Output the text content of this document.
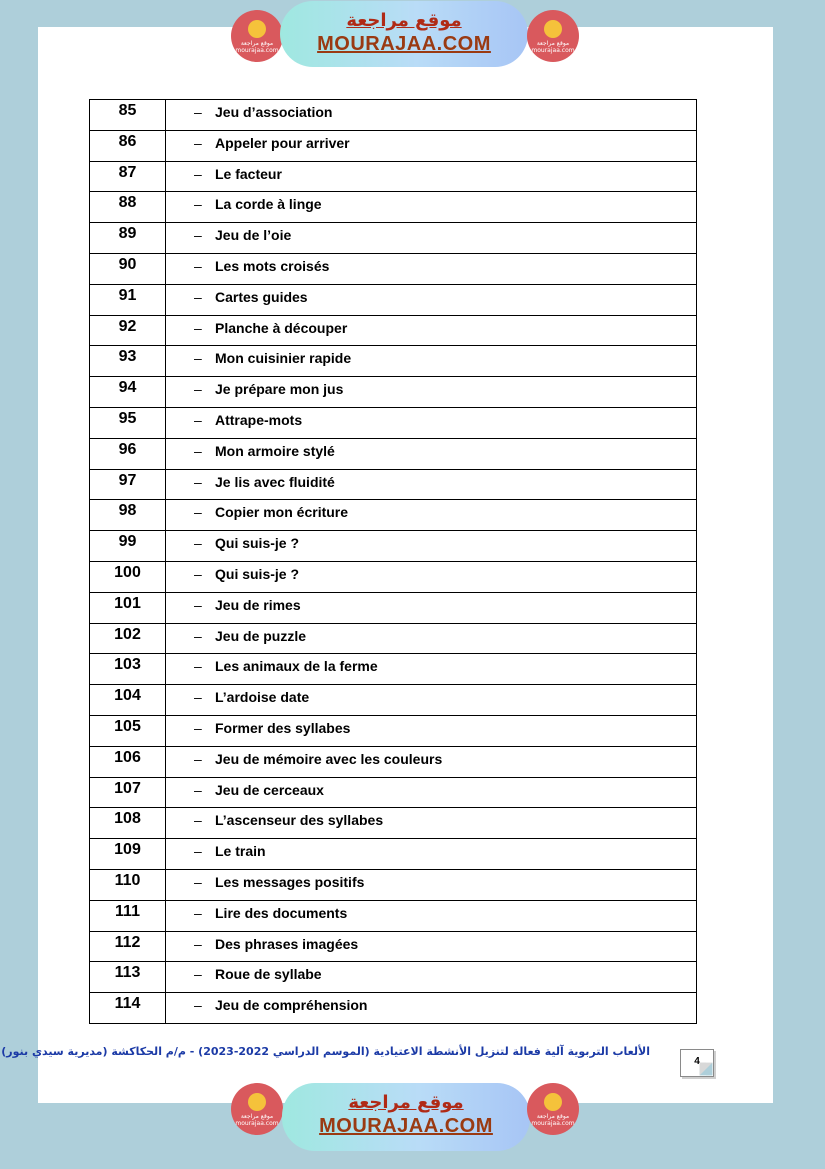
موقع مراجعة mourajaa.com
موقع مراجعة
MOURAJAA.COM	موقع مراجعة mourajaa.com
85	– Jeu d’association
86	– Appeler pour arriver
87	– Le facteur
88	– La corde à linge
89	– Jeu de l’oie
90	– Les mots croisés
91	– Cartes guides
92	– Planche à découper
93	– Mon cuisinier rapide
94	– Je prépare mon jus
95	– Attrape-mots
96	– Mon armoire stylé
97	– Je lis avec fluidité
98	– Copier mon écriture
99	– Qui suis-je ?
100	– Qui suis-je ?
101	– Jeu de rimes
102	– Jeu de puzzle
103	– Les animaux de la ferme
104	– L’ardoise date
105	– Former des syllabes
106	– Jeu de mémoire avec les couleurs
107	– Jeu de cerceaux
108	– L’ascenseur des syllabes
109	– Le train
110	– Les messages positifs
111	– Lire des documents
112	– Des phrases imagées
113	– Roue de syllabe
114	– Jeu de compréhension
الألعاب التربوية آلية فعالة لتنزيل الأنشطة الاعتيادية (الموسم الدراسي 2022-2023) - م/م الحكاكشة (مديرية سيدي بنور)
4
موقع مراجعة mourajaa.com
موقع مراجعة
MOURAJAA.COM	موقع مراجعة mourajaa.com
